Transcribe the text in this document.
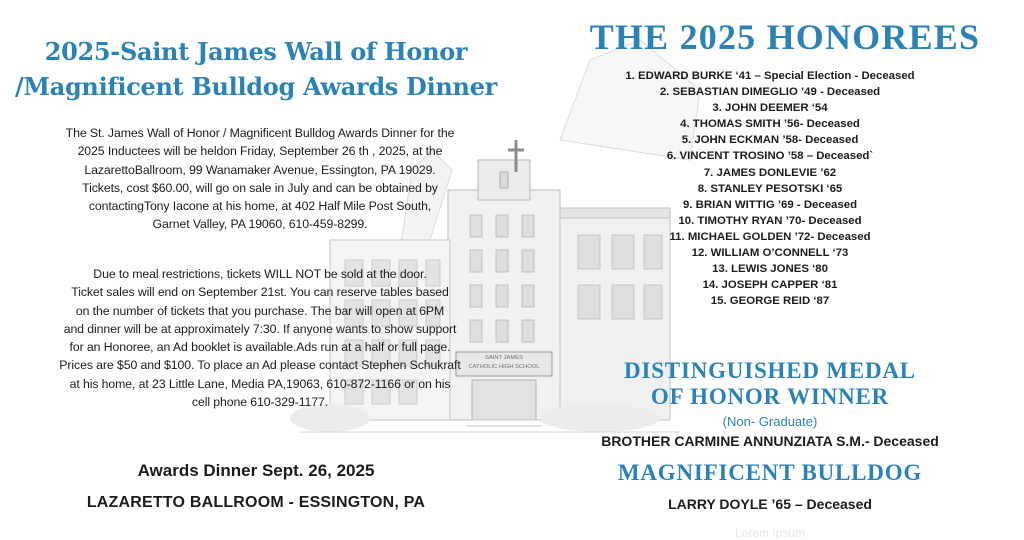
SAINT JAMES
CATHOLIC HIGH SCHOOL
2025-Saint James Wall of Honor
/Magnificent Bulldog Awards Dinner
The St. James Wall of Honor / Magnificent Bulldog Awards Dinner for the
2025 Inductees will be heldon Friday, September 26 th , 2025, at the
LazarettoBallroom, 99 Wanamaker Avenue, Essington, PA 19029.
Tickets, cost $60.00, will go on sale in July and can be obtained by
contactingTony Iacone at his home, at 402 Half Mile Post South,
Garnet Valley, PA 19060, 610-459-8299.
Due to meal restrictions, tickets WILL NOT be sold at the door.
Ticket sales will end on September 21st. You can reserve tables based
on the number of tickets that you purchase. The bar will open at 6PM
and dinner will be at approximately 7:30. If anyone wants to show support
for an Honoree, an Ad booklet is available.Ads run at a half or full page.
Prices are $50 and $100. To place an Ad please contact Stephen Schukraft
at his home, at 23 Little Lane, Media PA,19063, 610-872-1166 or on his
cell phone 610-329-1177.
Awards Dinner Sept. 26, 2025
LAZARETTO BALLROOM - ESSINGTON, PA
THE 2025 HONOREES
1. EDWARD BURKE ‘41 – Special Election - Deceased
2. SEBASTIAN DIMEGLIO ’49 - Deceased
3. JOHN DEEMER ‘54
4. THOMAS SMITH ’56- Deceased
5. JOHN ECKMAN ’58- Deceased
6. VINCENT TROSINO ’58 – Deceased`
7. JAMES DONLEVIE ’62
8. STANLEY PESOTSKI ‘65
9. BRIAN WITTIG ’69 - Deceased
10. TIMOTHY RYAN ’70- Deceased
11. MICHAEL GOLDEN ’72- Deceased
12. WILLIAM O’CONNELL ‘73
13. LEWIS JONES ‘80
14. JOSEPH CAPPER ‘81
15. GEORGE REID ‘87
DISTINGUISHED MEDAL
OF HONOR WINNER
(Non- Graduate)
BROTHER CARMINE ANNUNZIATA S.M.- Deceased
MAGNIFICENT BULLDOG
LARRY DOYLE ’65 – Deceased
Lorem Ipsum
